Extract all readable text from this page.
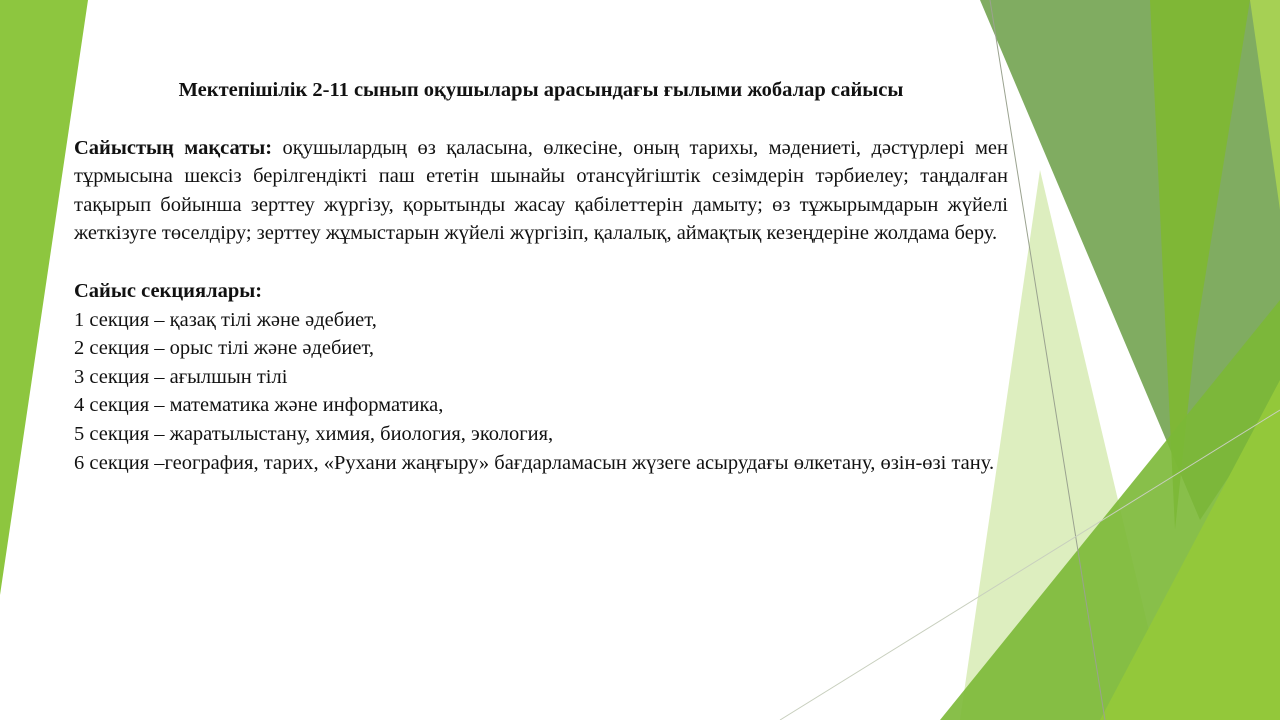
Мектепішілік 2-11 сынып оқушылары арасындағы ғылыми жобалар сайысы

Сайыстың мақсаты: оқушылардың өз қаласына, өлкесіне, оның тарихы, мәдениеті, дәстүрлері мен тұрмысына шексіз берілгендікті паш ететін шынайы отансүйгіштік сезімдерін тәрбиелеу; таңдалған тақырып бойынша зерттеу жүргізу, қорытынды жасау қабілеттерін дамыту; өз тұжырымдарын жүйелі жеткізуге төселдіру; зерттеу жұмыстарын жүйелі жүргізіп, қалалық, аймақтық кезеңдеріне жолдама беру.

Сайыс секциялары:

1 секция – қазақ тілі және әдебиет,

2 секция – орыс тілі және әдебиет,

3 секция – ағылшын тілі

4 секция – математика және информатика,

5 секция – жаратылыстану, химия, биология, экология,

6 секция –география, тарих, «Рухани жаңғыру» бағдарламасын жүзеге асырудағы өлкетану, өзін-өзі тану.
